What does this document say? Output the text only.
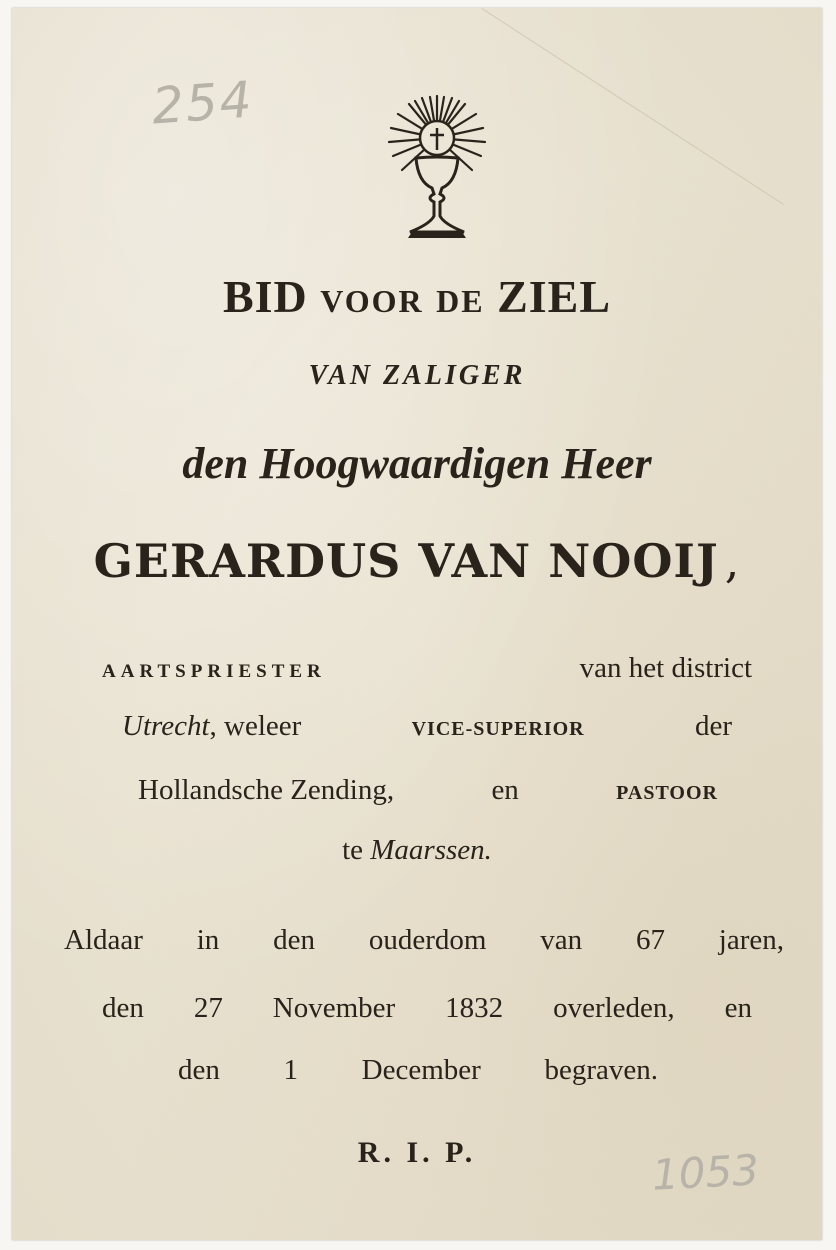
254
1053
BID VOOR DE ZIEL
VAN ZALIGER
den Hoogwaardigen Heer
GERARDUS VAN NOOIJ ,
AARTSPRIESTER	van het district
Utrecht, weleer	VICE-SUPERIOR	der
Hollandsche Zending,	en	PASTOOR
te Maarssen.
Aldaar in den ouderdom van 67 jaren,
den 27 November 1832 overleden, en
den 1 December begraven.
R. I. P.
